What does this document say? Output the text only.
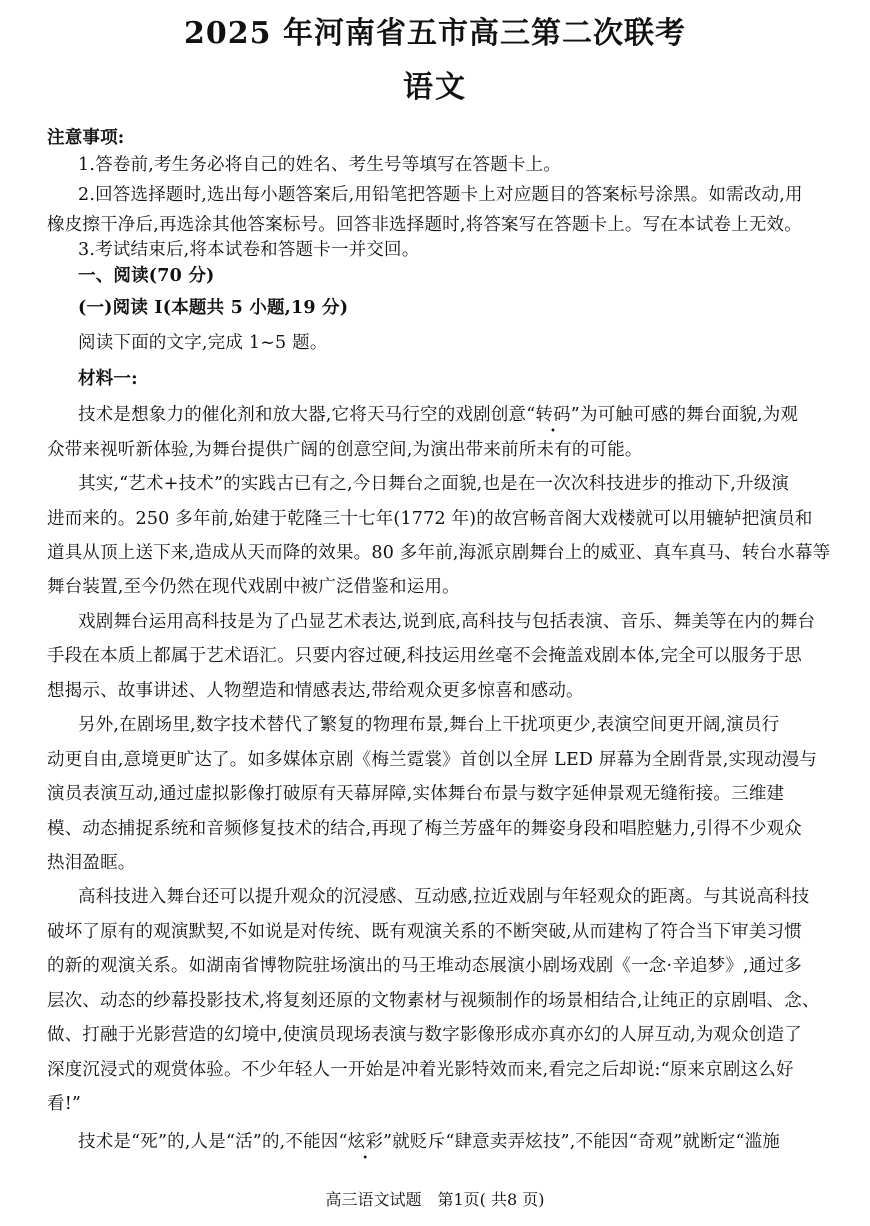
2025 年河南省五市高三第二次联考
语文
注意事项:
1.答卷前,考生务必将自己的姓名、考生号等填写在答题卡上。
2.回答选择题时,选出每小题答案后,用铅笔把答题卡上对应题目的答案标号涂黑。如需改动,用
橡皮擦干净后,再选涂其他答案标号。回答非选择题时,将答案写在答题卡上。写在本试卷上无效。
3.考试结束后,将本试卷和答题卡一并交回。
一、阅读(70 分)
(一)阅读 I(本题共 5 小题,19 分)
阅读下面的文字,完成 1~5 题。
材料一:
技术是想象力的催化剂和放大器,它将天马行空的戏剧创意“转码” •为可触可感的舞台面貌,为观
众带来视听新体验,为舞台提供广阔的创意空间,为演出带来前所未有的可能。
其实,“艺术+技术”的实践古已有之,今日舞台之面貌,也是在一次次科技进步的推动下,升级演
进而来的。250 多年前,始建于乾隆三十七年(1772 年)的故宫畅音阁大戏楼就可以用辘轳把演员和
道具从顶上送下来,造成从天而降的效果。80 多年前,海派京剧舞台上的威亚、真车真马、转台水幕等
舞台装置,至今仍然在现代戏剧中被广泛借鉴和运用。
戏剧舞台运用高科技是为了凸显艺术表达,说到底,高科技与包括表演、音乐、舞美等在内的舞台
手段在本质上都属于艺术语汇。只要内容过硬,科技运用丝毫不会掩盖戏剧本体,完全可以服务于思
想揭示、故事讲述、人物塑造和情感表达,带给观众更多惊喜和感动。
另外,在剧场里,数字技术替代了繁复的物理布景,舞台上干扰项更少,表演空间更开阔,演员行
动更自由,意境更旷达了。如多媒体京剧《梅兰霓裳》首创以全屏 LED 屏幕为全剧背景,实现动漫与
演员表演互动,通过虚拟影像打破原有天幕屏障,实体舞台布景与数字延伸景观无缝衔接。三维建
模、动态捕捉系统和音频修复技术的结合,再现了梅兰芳盛年的舞姿身段和唱腔魅力,引得不少观众
热泪盈眶。
高科技进入舞台还可以提升观众的沉浸感、互动感,拉近戏剧与年轻观众的距离。与其说高科技
破坏了原有的观演默契,不如说是对传统、既有观演关系的不断突破,从而建构了符合当下审美习惯
的新的观演关系。如湖南省博物院驻场演出的马王堆动态展演小剧场戏剧《一念·辛追梦》,通过多
层次、动态的纱幕投影技术,将复刻还原的文物素材与视频制作的场景相结合,让纯正的京剧唱、念、
做、打融于光影营造的幻境中,使演员现场表演与数字影像形成亦真亦幻的人屏互动,为观众创造了
深度沉浸式的观赏体验。不少年轻人一开始是冲着光影特效而来,看完之后却说:“原来京剧这么好
看!”
技术是“死”的,人是“活”的,不能因“炫彩” •就贬斥“肆意卖弄炫技”,不能因“奇观”就断定“滥施
高三语文试题　第1页( 共8 页)
